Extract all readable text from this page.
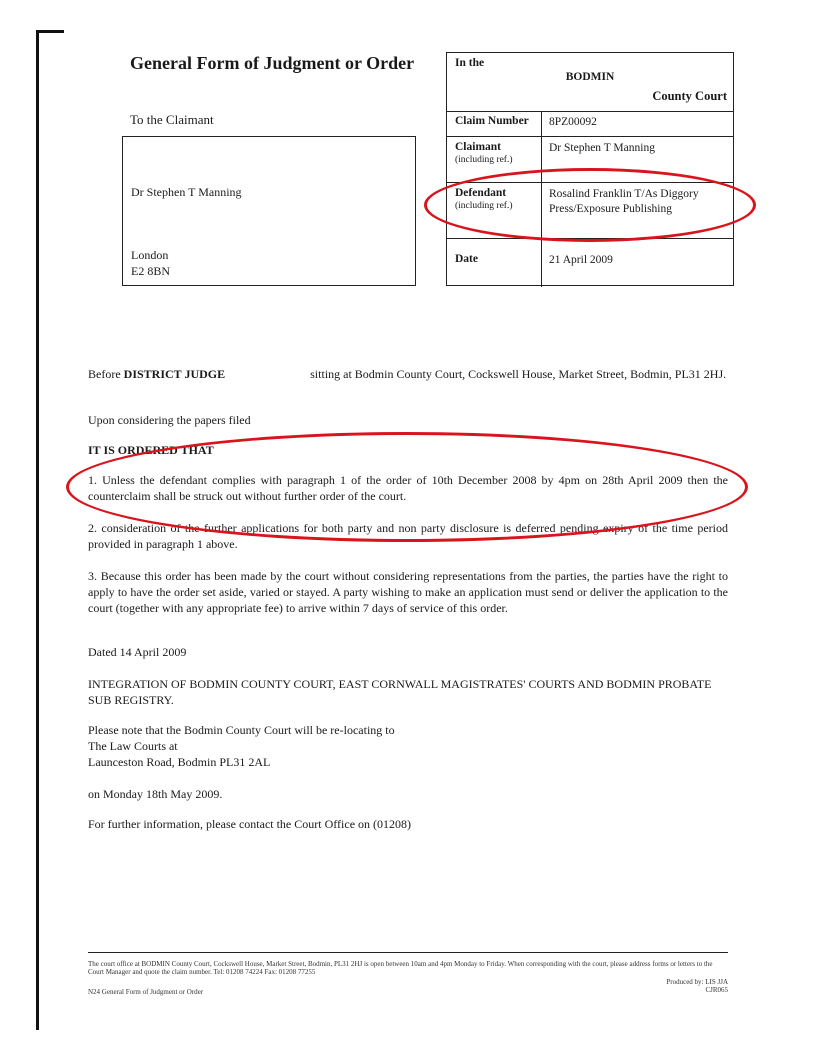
General Form of Judgment or Order
To the Claimant
Dr Stephen T Manning
London
E2 8BN
In the
BODMIN
County Court
Claim Number 8PZ00092
Claimant
(including ref.)
Dr Stephen T Manning
Defendant
(including ref.)
Rosalind Franklin T/As Diggory Press/Exposure Publishing
Date	21 April 2009
Before DISTRICT JUDGE	sitting at Bodmin County Court, Cockswell House, Market Street, Bodmin, PL31 2HJ.
Upon considering the papers filed
IT IS ORDERED THAT
1. Unless the defendant complies with paragraph 1 of the order of 10th December 2008 by 4pm on 28th April 2009 then the counterclaim shall be struck out without further order of the court.
2. consideration of the further applications for both party and non party disclosure is deferred pending expiry of the time period provided in paragraph 1 above.
3. Because this order has been made by the court without considering representations from the parties, the parties have the right to apply to have the order set aside, varied or stayed. A party wishing to make an application must send or deliver the application to the court (together with any appropriate fee) to arrive within 7 days of service of this order.
Dated 14 April 2009
INTEGRATION OF BODMIN COUNTY COURT, EAST CORNWALL MAGISTRATES' COURTS AND BODMIN PROBATE SUB REGISTRY.
Please note that the Bodmin County Court will be re-locating to
The Law Courts at
Launceston Road, Bodmin PL31 2AL
on Monday 18th May 2009.
For further information, please contact the Court Office on (01208)
The court office at BODMIN County Court, Cockswell House, Market Street, Bodmin, PL31 2HJ is open between 10am and 4pm Monday to Friday. When corresponding with the court, please address forms or letters to the Court Manager and quote the claim number. Tel: 01208 74224 Fax: 01208 77255
N24 General Form of Judgment or Order
Produced by: LIS JJA
CJR065
